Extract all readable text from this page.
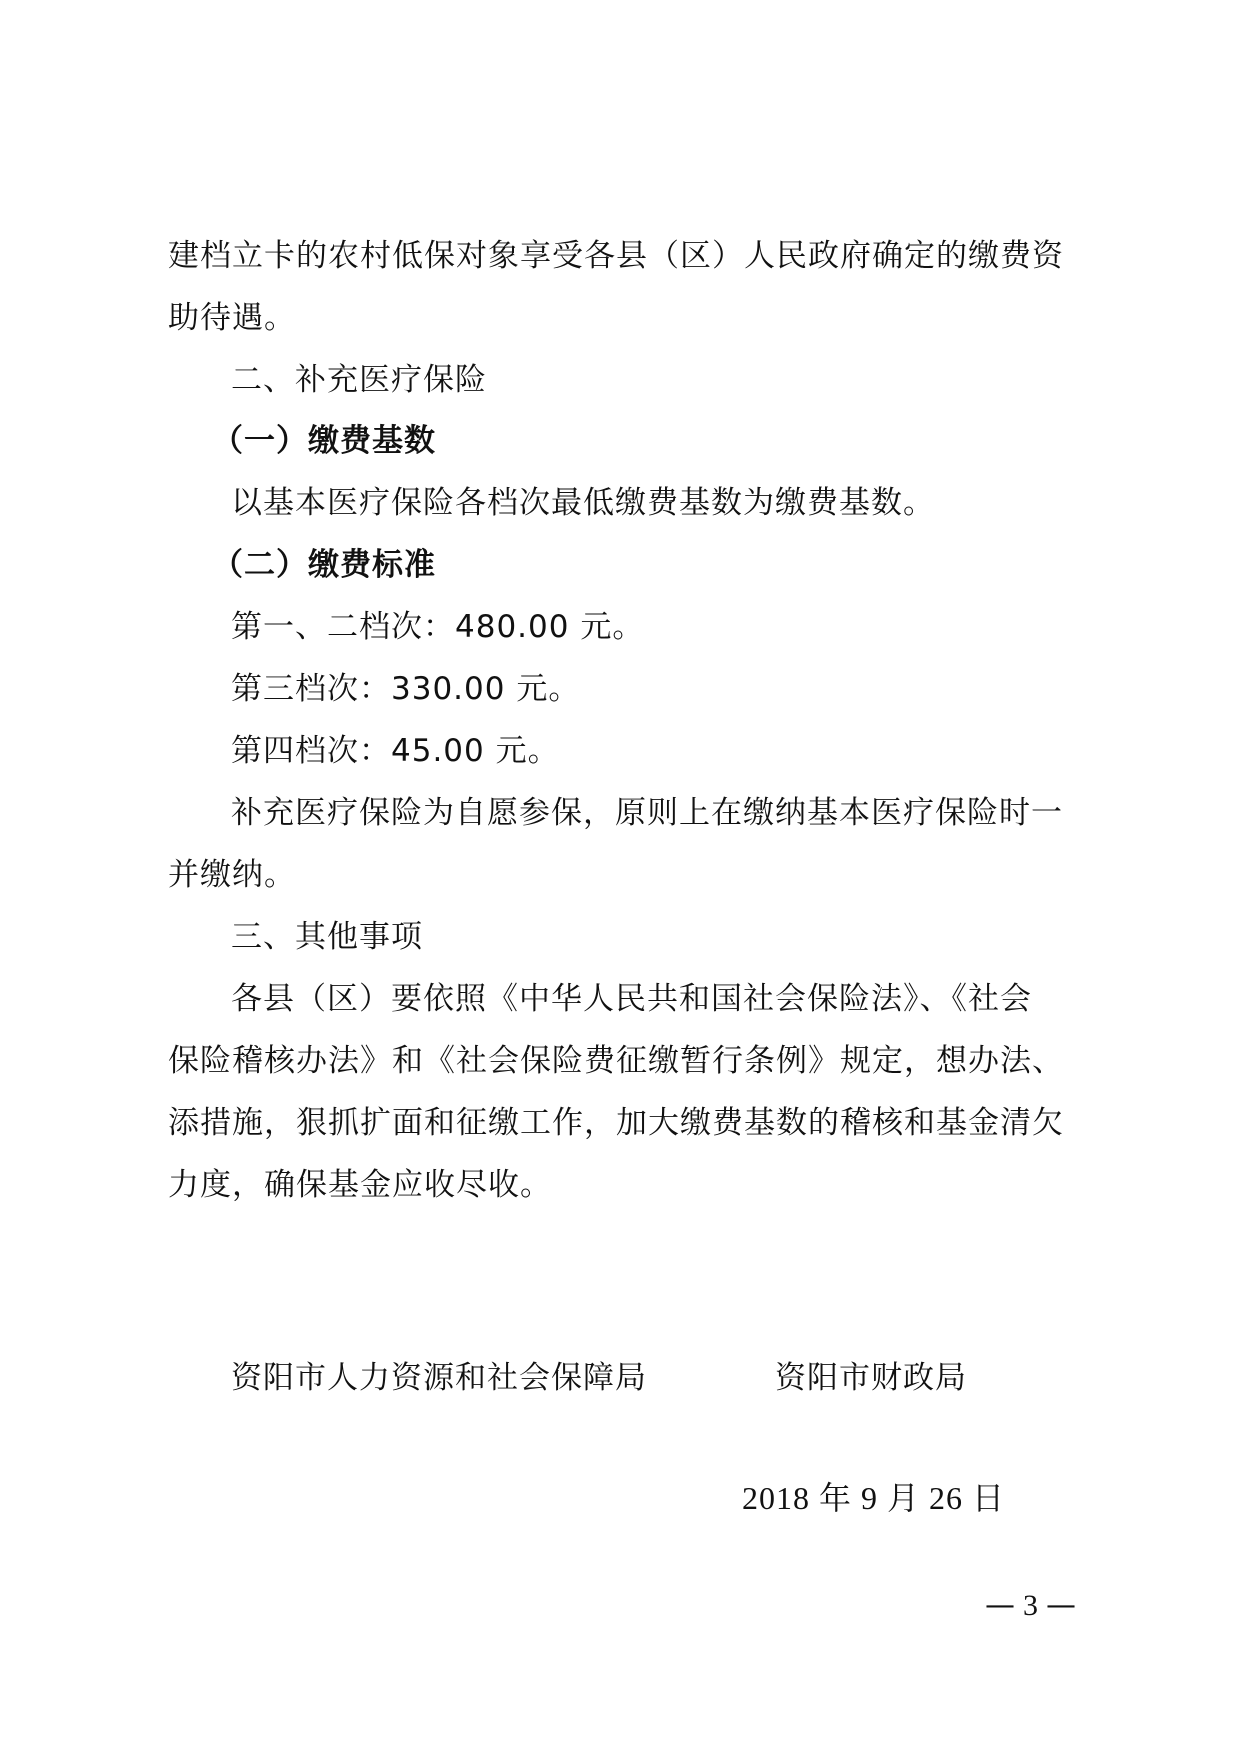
建档立卡的农村低保对象享受各县（区）人民政府确定的缴费资
助待遇。
二、补充医疗保险
（一）缴费基数
以基本医疗保险各档次最低缴费基数为缴费基数。
（二）缴费标准
第一、二档次：480.00 元。
第三档次：330.00 元。
第四档次：45.00 元。
补充医疗保险为自愿参保，原则上在缴纳基本医疗保险时一
并缴纳。
三、其他事项
各县（区）要依照《中华人民共和国社会保险法》、《社会
保险稽核办法》和《社会保险费征缴暂行条例》规定，想办法、
添措施，狠抓扩面和征缴工作，加大缴费基数的稽核和基金清欠
力度，确保基金应收尽收。
资阳市人力资源和社会保障局	资阳市财政局
2018 年 9 月 26 日
— 3 —
